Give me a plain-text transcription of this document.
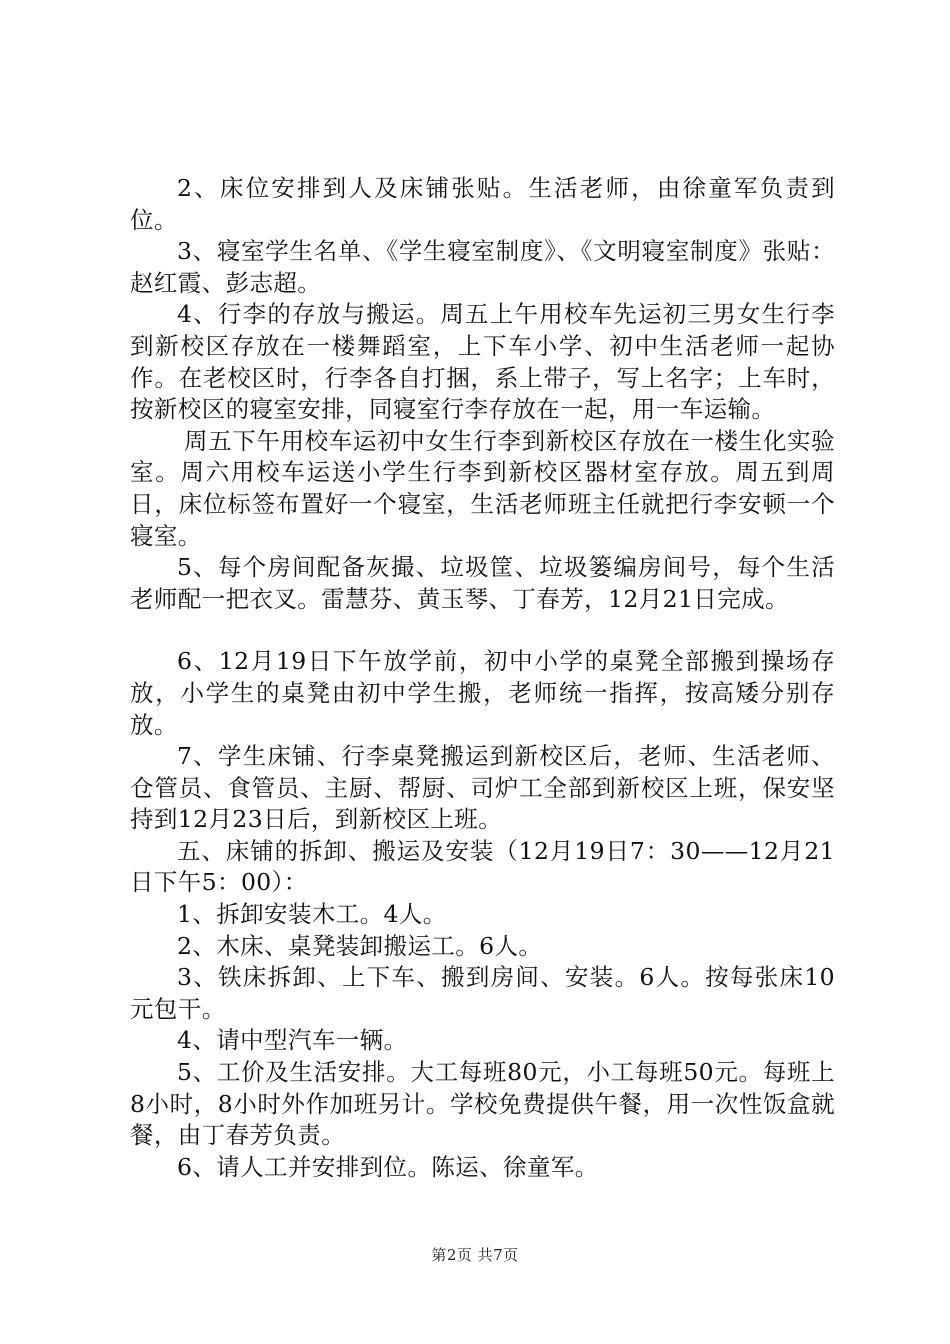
2、床位安排到人及床铺张贴。生活老师，由徐童军负责到位。

3、寝室学生名单、《学生寝室制度》、《文明寝室制度》张贴：赵红霞、彭志超。

4、行李的存放与搬运。周五上午用校车先运初三男女生行李到新校区存放在一楼舞蹈室，上下车小学、初中生活老师一起协作。在老校区时，行李各自打捆，系上带子，写上名字；上车时，按新校区的寝室安排，同寝室行李存放在一起，用一车运输。

周五下午用校车运初中女生行李到新校区存放在一楼生化实验室。周六用校车运送小学生行李到新校区器材室存放。周五到周日，床位标签布置好一个寝室，生活老师班主任就把行李安顿一个寝室。

5、每个房间配备灰撮、垃圾筐、垃圾篓编房间号，每个生活老师配一把衣叉。雷慧芬、黄玉琴、丁春芳，12月21日完成。

6、12月19日下午放学前，初中小学的桌凳全部搬到操场存放，小学生的桌凳由初中学生搬，老师统一指挥，按高矮分别存放。

7、学生床铺、行李桌凳搬运到新校区后，老师、生活老师、仓管员、食管员、主厨、帮厨、司炉工全部到新校区上班，保安坚持到12月23日后，到新校区上班。

五、床铺的拆卸、搬运及安装（12月19日7：30——12月21日下午5：00）：

1、拆卸安装木工。4人。

2、木床、桌凳装卸搬运工。6人。

3、铁床拆卸、上下车、搬到房间、安装。6人。按每张床10元包干。

4、请中型汽车一辆。

5、工价及生活安排。大工每班80元，小工每班50元。每班上8小时，8小时外作加班另计。学校免费提供午餐，用一次性饭盒就餐，由丁春芳负责。

6、请人工并安排到位。陈运、徐童军。

第2页 共7页
